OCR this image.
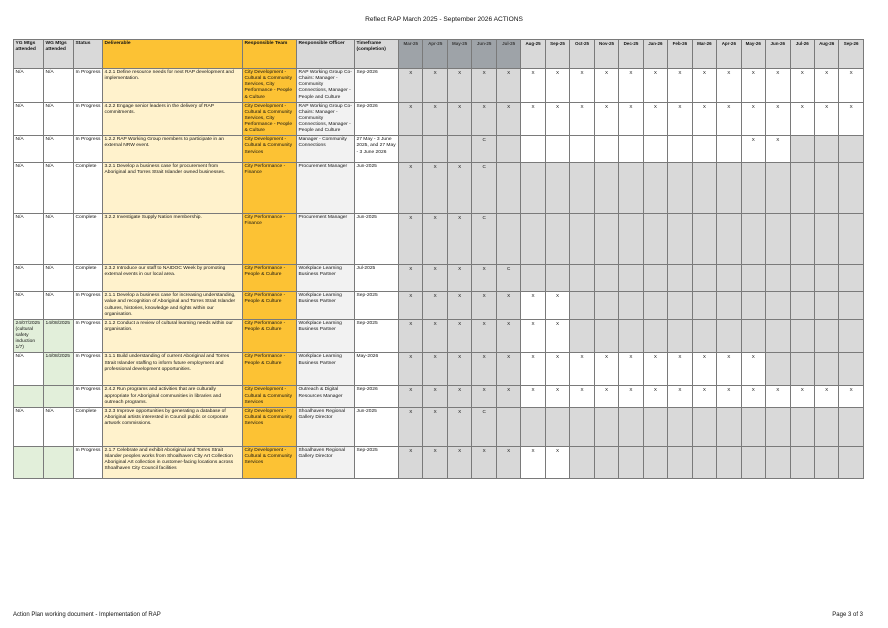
Reflect RAP March 2025 - September 2026 ACTIONS
YG Mtgs attended	WG Mtgs attended	Status	Deliverable	Responsible Team	Responsible Officer	Timeframe (completion)	Mar-25	Apr-25	May-25	Jun-25	Jul-25	Aug-25	Sep-25	Oct-25	Nov-25	Dec-25	Jan-26	Feb-26	Mar-26	Apr-26	May-26	Jun-26	Jul-26	Aug-26	Sep-26
N/A	N/A	In Progress	4.2.1 Define resource needs for next RAP development and implementation.	City Development - Cultural & Community Services, City Performance - People & Culture	RAP Working Group Co-Chairs: Manager - Community Connections, Manager - People and Culture	Sep-2026	X	X	X	X	X	X	X	X	X	X	X	X	X	X	X	X	X	X	X
N/A	N/A	In Progress	4.2.2 Engage senior leaders in the delivery of RAP commitments.	City Development - Cultural & Community Services, City Performance - People & Culture	RAP Working Group Co-Chairs: Manager - Community Connections, Manager - People and Culture	Sep-2026	X	X	X	X	X	X	X	X	X	X	X	X	X	X	X	X	X	X	X
N/A	N/A	In Progress	1.2.2 RAP Working Group members to participate in an external NRW event.	City Development - Cultural & Community Services	Manager - Community Connections	27 May - 3 June 2025, and 27 May - 3 June 2026				C											X	X			
N/A	N/A	Complete	3.2.1 Develop a business case for procurement from Aboriginal and Torres Strait Islander owned businesses.	City Performance - Finance	Procurement Manager	Jun-2025	X	X	X	C															
N/A	N/A	Complete	3.2.2 Investigate Supply Nation membership.	City Performance - Finance	Procurement Manager	Jun-2025	X	X	X	C															
N/A	N/A	Complete	2.3.2 Introduce our staff to NAIDOC Week by promoting external events in our local area.	City Performance - People & Culture	Workplace Learning Business Partner	Jul-2025	X	X	X	X	C														
N/A	N/A	In Progress	2.1.1 Develop a business case for increasing understanding, value and recognition of Aboriginal and Torres Strait Islander cultures, histories, knowledge and rights within our organisation.	City Performance - People & Culture	Workplace Learning Business Partner	Sep-2025	X	X	X	X	X	X	X												
24/07/2025 (cultural safety induction 1/7)	14/08/2025	In Progress	2.1.2 Conduct a review of cultural learning needs within our organisation.	City Performance - People & Culture	Workplace Learning Business Partner	Sep-2025	X	X	X	X	X	X	X												
N/A	14/08/2025	In Progress	3.1.1 Build understanding of current Aboriginal and Torres Strait Islander staffing to inform future employment and professional development opportunities.	City Performance - People & Culture	Workplace Learning Business Partner	May-2026	X	X	X	X	X	X	X	X	X	X	X	X	X	X	X				
		In Progress	2.4.2 Run programs and activities that are culturally appropriate for Aboriginal communities in libraries and outreach programs.	City Development - Cultural & Community Services	Outreach & Digital Resources Manager	Sep-2026	X	X	X	X	X	X	X	X	X	X	X	X	X	X	X	X	X	X	X
N/A	N/A	Complete	3.2.3 Improve opportunities by generating a database of Aboriginal artists interested in Council public or corporate artwork commissions.	City Development - Cultural & Community Services	Shoalhaven Regional Gallery Director	Jun-2025	X	X	X	C															
		In Progress	2.1.7 Celebrate and exhibit Aboriginal and Torres Strait Islander peoples works from Shoalhaven City Art Collection Aboriginal Art collection in customer-facing locations across Shoalhaven City Council facilities	City Development - Cultural & Community Services	Shoalhaven Regional Gallery Director	Sep-2025	X	X	X	X	X	X	X												
Action Plan working document - Implementation of RAP	Page 3 of 3
